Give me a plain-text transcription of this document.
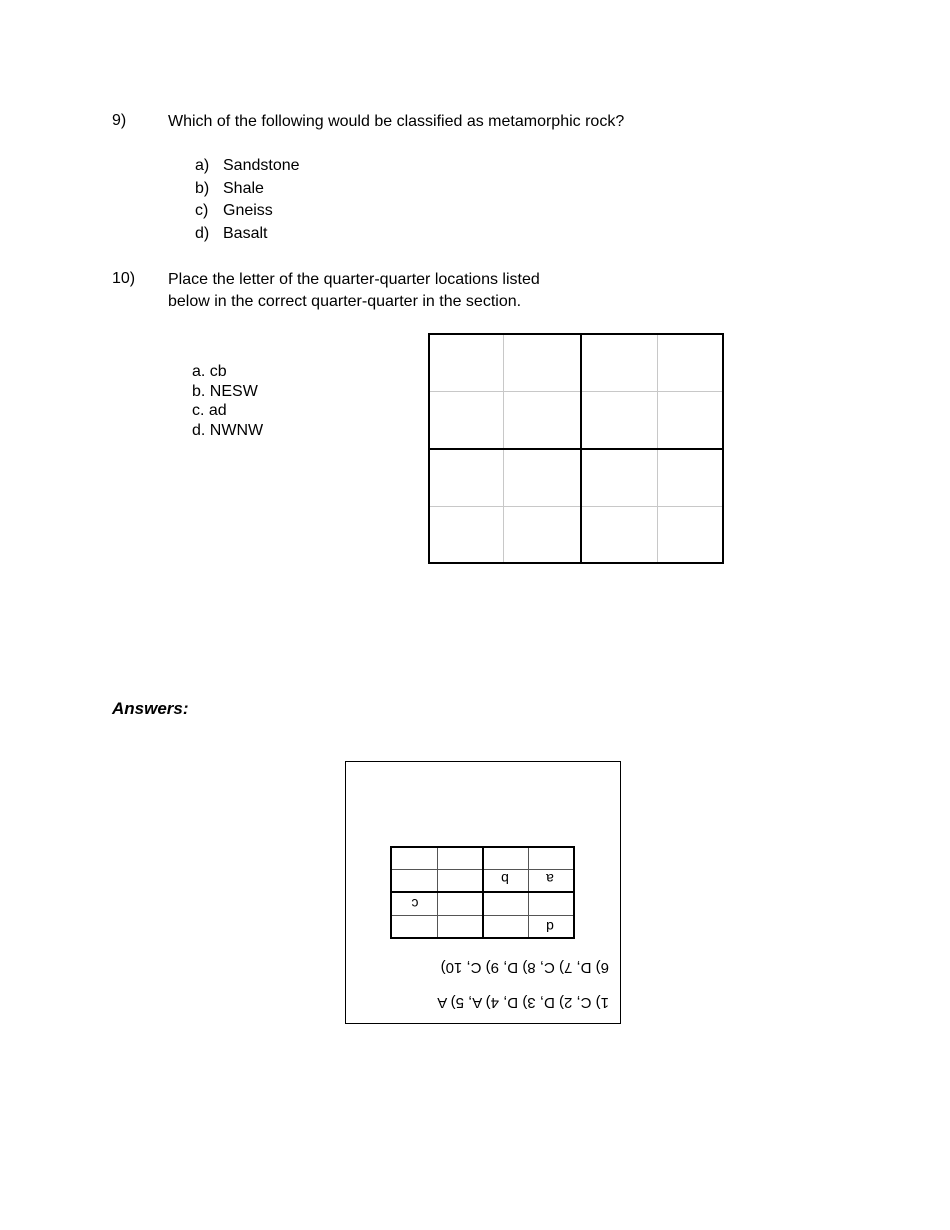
9)	Which of the following would be classified as metamorphic rock?
a) Sandstone
b) Shale
c) Gneiss
d) Basalt
10) Place the letter of the quarter-quarter locations listed
below in the correct quarter-quarter in the section.
a. cb
b. NESW
c. ad
d. NWNW
Answers:
1) C, 2) D, 3) D, 4) A, 5) A
6) D, 7) C, 8) D, 9) C, 10)
d
c
a
b
